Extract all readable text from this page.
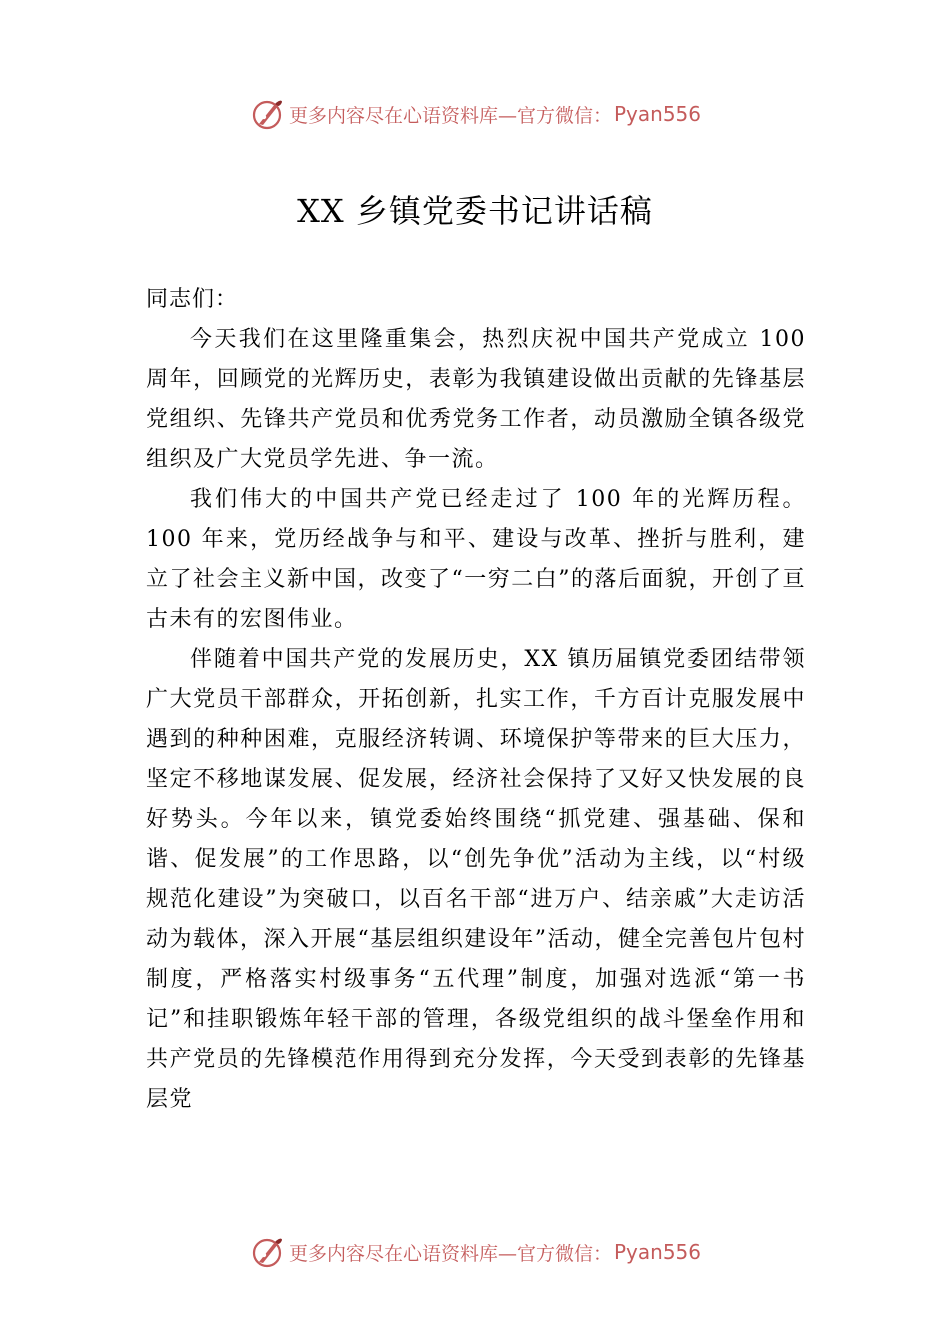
更多内容尽在心语资料库—官方微信： Pyan556
XX 乡镇党委书记讲话稿

同志们：

今天我们在这里隆重集会，热烈庆祝中国共产党成立 100 周年，回顾党的光辉历史，表彰为我镇建设做出贡献的先锋基层党组织、先锋共产党员和优秀党务工作者，动员激励全镇各级党组织及广大党员学先进、争一流。

我们伟大的中国共产党已经走过了 100 年的光辉历程。100 年来，党历经战争与和平、建设与改革、挫折与胜利，建立了社会主义新中国，改变了“一穷二白”的落后面貌，开创了亘古未有的宏图伟业。

伴随着中国共产党的发展历史，XX 镇历届镇党委团结带领广大党员干部群众，开拓创新，扎实工作，千方百计克服发展中遇到的种种困难，克服经济转调、环境保护等带来的巨大压力，坚定不移地谋发展、促发展，经济社会保持了又好又快发展的良好势头。今年以来，镇党委始终围绕“抓党建、强基础、保和谐、促发展”的工作思路，以“创先争优”活动为主线，以“村级规范化建设”为突破口，以百名干部“进万户、结亲戚”大走访活动为载体，深入开展“基层组织建设年”活动，健全完善包片包村制度，严格落实村级事务“五代理”制度，加强对选派“第一书记”和挂职锻炼年轻干部的管理，各级党组织的战斗堡垒作用和共产党员的先锋模范作用得到充分发挥，今天受到表彰的先锋基层党

更多内容尽在心语资料库—官方微信： Pyan556
